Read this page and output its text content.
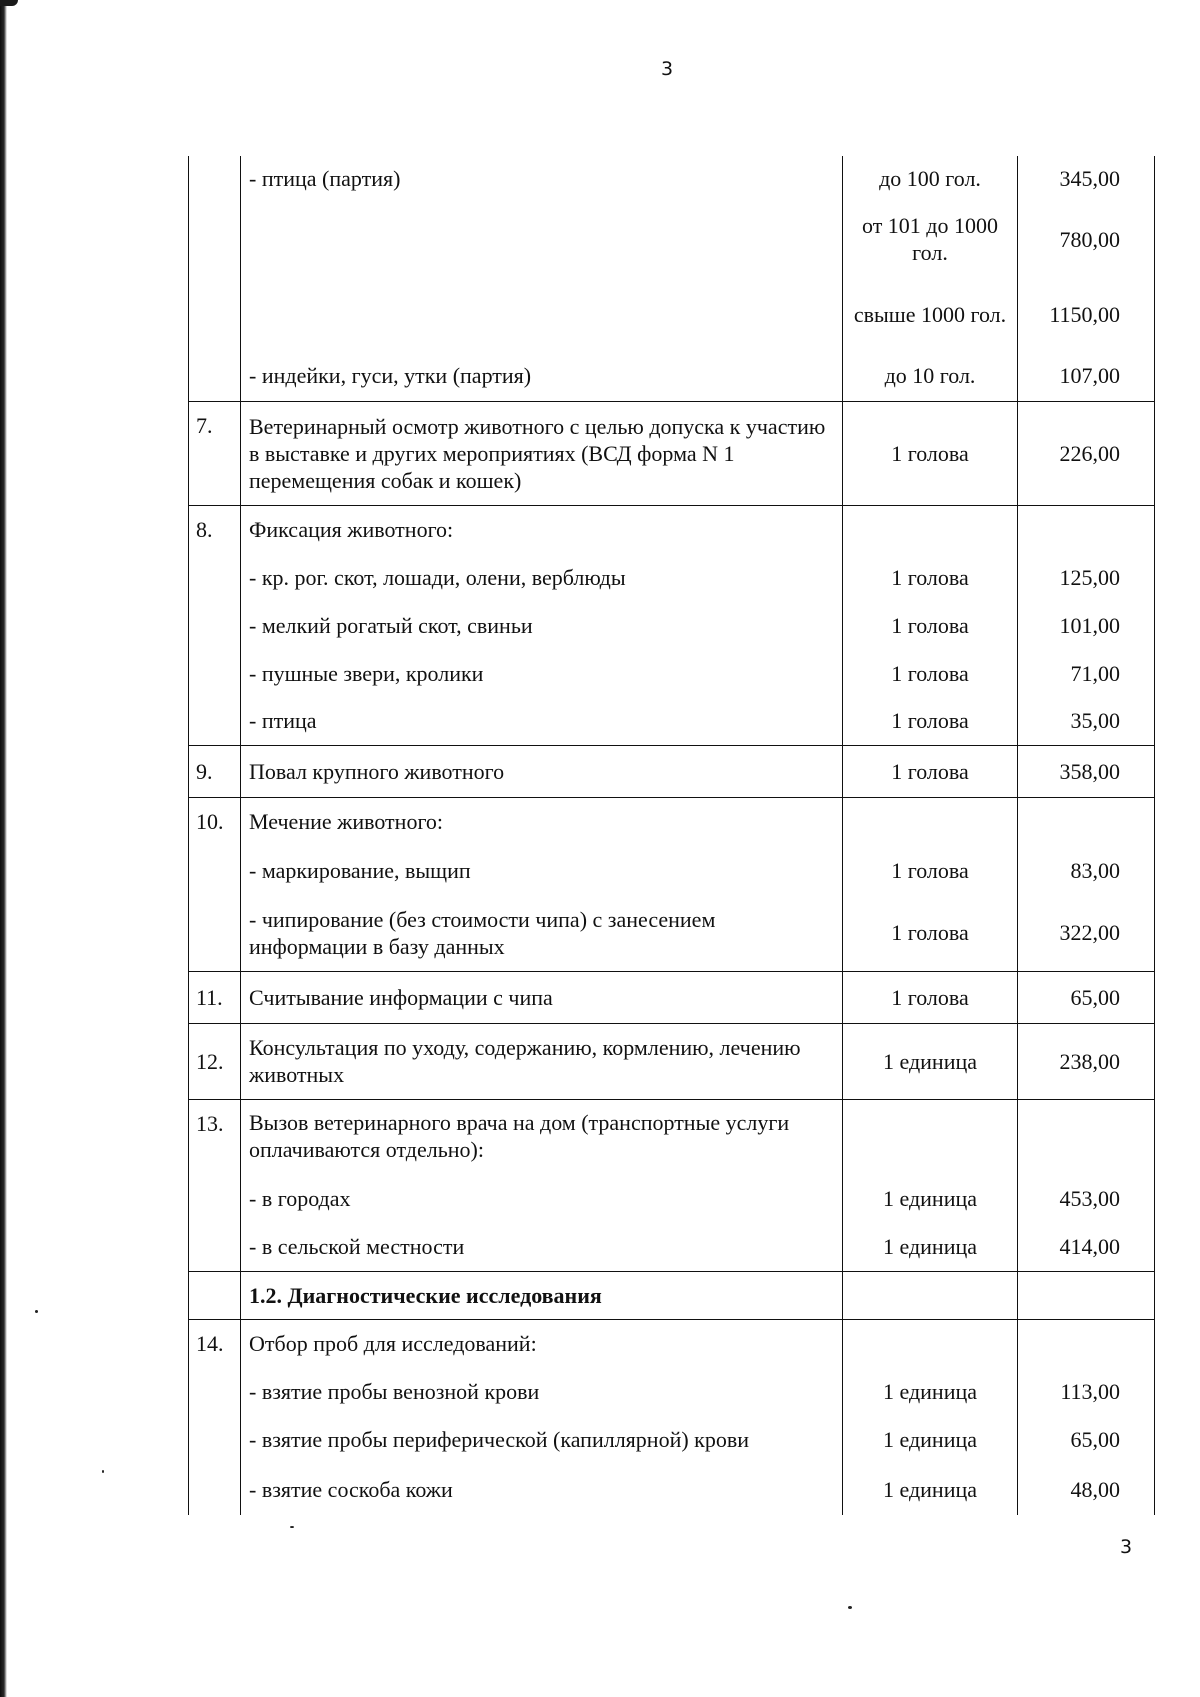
3
	- птица (партия)	до 100 гол.	345,00
		от 101 до 1000 гол.	780,00
		свыше 1000 гол.	1150,00
	- индейки, гуси, утки (партия)	до 10 гол.	107,00
7.	Ветеринарный осмотр животного с целью допуска к участию в выставке и других мероприятиях (ВСД форма N 1 перемещения собак и кошек)	1 голова	226,00
8.	Фиксация животного:		
	- кр. рог. скот, лошади, олени, верблюды	1 голова	125,00
	- мелкий рогатый скот, свиньи	1 голова	101,00
	- пушные звери, кролики	1 голова	71,00
	- птица	1 голова	35,00
9.	Повал крупного животного	1 голова	358,00
10.	Мечение животного:		
	- маркирование, выщип	1 голова	83,00
	- чипирование (без стоимости чипа) с занесением информации в базу данных	1 голова	322,00
11.	Считывание информации с чипа	1 голова	65,00
12.	Консультация по уходу, содержанию, кормлению, лечению животных	1 единица	238,00
13.	Вызов ветеринарного врача на дом (транспортные услуги оплачиваются отдельно):		
	- в городах	1 единица	453,00
	- в сельской местности	1 единица	414,00
	1.2. Диагностические исследования		
14.	Отбор проб для исследований:		
	- взятие пробы венозной крови	1 единица	113,00
	- взятие пробы периферической (капиллярной) крови	1 единица	65,00
	- взятие соскоба кожи	1 единица	48,00
3
